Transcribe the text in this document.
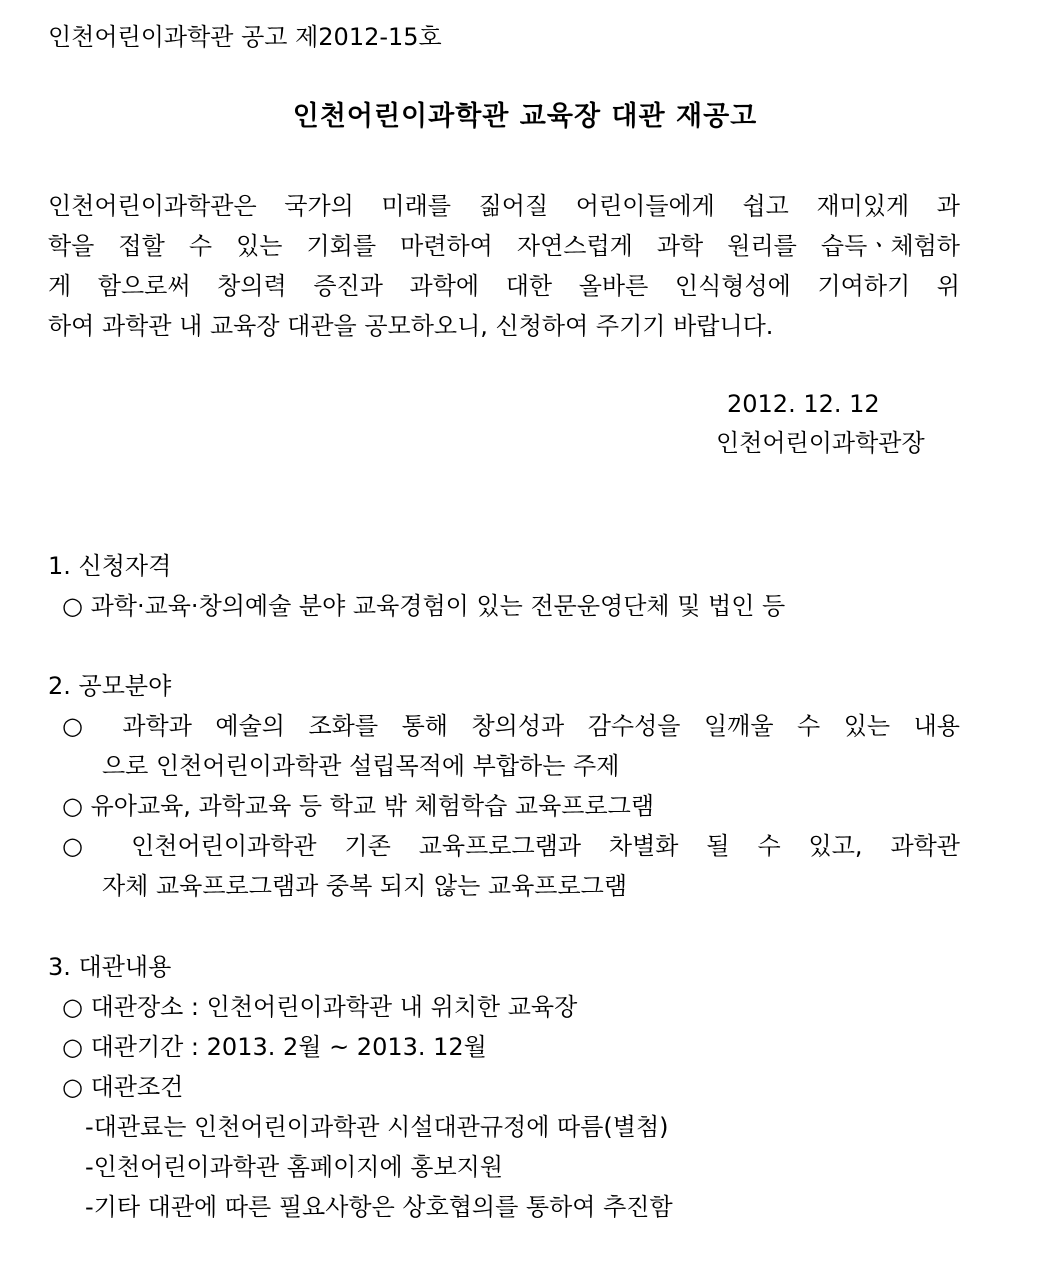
인천어린이과학관 공고 제2012-15호
인천어린이과학관 교육장 대관 재공고
인천어린이과학관은 국가의 미래를 짊어질 어린이들에게 쉽고 재미있게 과
학을 접할 수 있는 기회를 마련하여 자연스럽게 과학 원리를 습득ㆍ체험하
게 함으로써 창의력 증진과 과학에 대한 올바른 인식형성에 기여하기 위
하여 과학관 내 교육장 대관을 공모하오니, 신청하여 주기기 바랍니다.
2012. 12. 12
인천어린이과학관장
1. 신청자격
○ 과학·교육·창의예술 분야 교육경험이 있는 전문운영단체 및 법인 등
2. 공모분야
○ 과학과 예술의 조화를 통해 창의성과 감수성을 일깨울 수 있는 내용
으로 인천어린이과학관 설립목적에 부합하는 주제
○ 유아교육, 과학교육 등 학교 밖 체험학습 교육프로그램
○ 인천어린이과학관 기존 교육프로그램과 차별화 될 수 있고, 과학관
자체 교육프로그램과 중복 되지 않는 교육프로그램
3. 대관내용
○ 대관장소 : 인천어린이과학관 내 위치한 교육장
○ 대관기간 : 2013. 2월 ~ 2013. 12월
○ 대관조건
-대관료는 인천어린이과학관 시설대관규정에 따름(별첨)
-인천어린이과학관 홈페이지에 홍보지원
-기타 대관에 따른 필요사항은 상호협의를 통하여 추진함
